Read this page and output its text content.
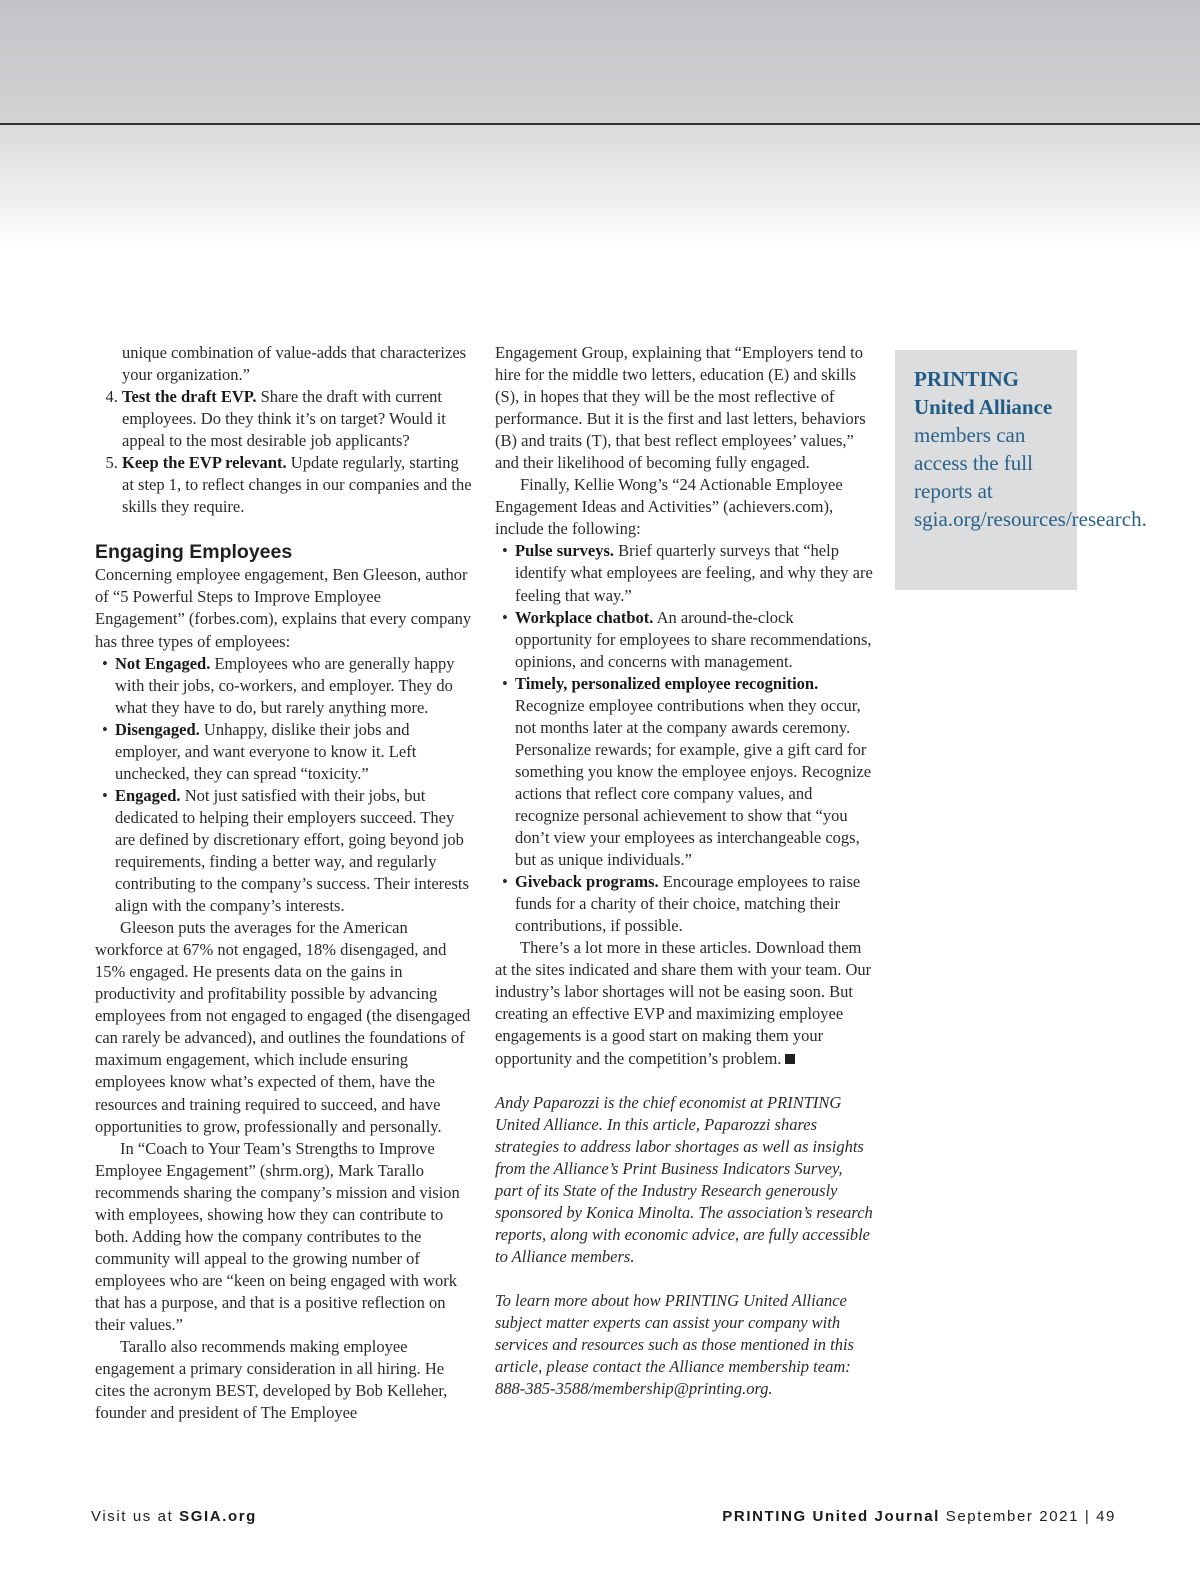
unique combination of value-adds that characterizes your organization.”

4. Test the draft EVP. Share the draft with current employees. Do they think it’s on target? Would it appeal to the most desirable job applicants?
5. Keep the EVP relevant. Update regularly, starting at step 1, to reflect changes in our companies and the skills they require.
Engaging Employees

Concerning employee engagement, Ben Gleeson, author of “5 Powerful Steps to Improve Employee Engagement” (forbes.com), explains that every company has three types of employees:

• Not Engaged. Employees who are generally happy with their jobs, co-workers, and employer. They do what they have to do, but rarely anything more.
• Disengaged. Unhappy, dislike their jobs and employer, and want everyone to know it. Left unchecked, they can spread “toxicity.”
• Engaged. Not just satisfied with their jobs, but dedicated to helping their employers succeed. They are defined by discretionary effort, going beyond job requirements, finding a better way, and regularly contributing to the company’s success. Their interests align with the company’s interests.

Gleeson puts the averages for the American workforce at 67% not engaged, 18% disengaged, and 15% engaged. He presents data on the gains in productivity and profitability possible by advancing employees from not engaged to engaged (the disengaged can rarely be advanced), and outlines the foundations of maximum engagement, which include ensuring employees know what’s expected of them, have the resources and training required to succeed, and have opportunities to grow, professionally and personally.

In “Coach to Your Team’s Strengths to Improve Employee Engagement” (shrm.org), Mark Tarallo recommends sharing the company’s mission and vision with employees, showing how they can contribute to both. Adding how the company contributes to the community will appeal to the growing number of employees who are “keen on being engaged with work that has a purpose, and that is a positive reflection on their values.”

Tarallo also recommends making employee engagement a primary consideration in all hiring. He cites the acronym BEST, developed by Bob Kelleher, founder and president of The Employee

Engagement Group, explaining that “Employers tend to hire for the middle two letters, education (E) and skills (S), in hopes that they will be the most reflective of performance. But it is the first and last letters, behaviors (B) and traits (T), that best reflect employees’ values,” and their likelihood of becoming fully engaged.

Finally, Kellie Wong’s “24 Actionable Employee Engagement Ideas and Activities” (achievers.com), include the following:

• Pulse surveys. Brief quarterly surveys that “help identify what employees are feeling, and why they are feeling that way.”
• Workplace chatbot. An around-the-clock opportunity for employees to share recommendations, opinions, and concerns with management.
• Timely, personalized employee recognition. Recognize employee contributions when they occur, not months later at the company awards ceremony. Personalize rewards; for example, give a gift card for something you know the employee enjoys. Recognize actions that reflect core company values, and recognize personal achievement to show that “you don’t view your employees as interchangeable cogs, but as unique individuals.”
• Giveback programs. Encourage employees to raise funds for a charity of their choice, matching their contributions, if possible.

There’s a lot more in these articles. Download them at the sites indicated and share them with your team. Our industry’s labor shortages will not be easing soon. But creating an effective EVP and maximizing employee engagements is a good start on making them your opportunity and the competition’s problem.

Andy Paparozzi is the chief economist at PRINTING United Alliance. In this article, Paparozzi shares strategies to address labor shortages as well as insights from the Alliance’s Print Business Indicators Survey, part of its State of the Industry Research generously sponsored by Konica Minolta. The association’s research reports, along with economic advice, are fully accessible to Alliance members.

To learn more about how PRINTING United Alliance subject matter experts can assist your company with services and resources such as those mentioned in this article, please contact the Alliance membership team: 888-385-3588/membership@printing.org.

PRINTING United Alliance members can access the full reports at sgia.org/resources/research.
Visit us at SGIA.org	PRINTING United Journal September 2021 | 49
